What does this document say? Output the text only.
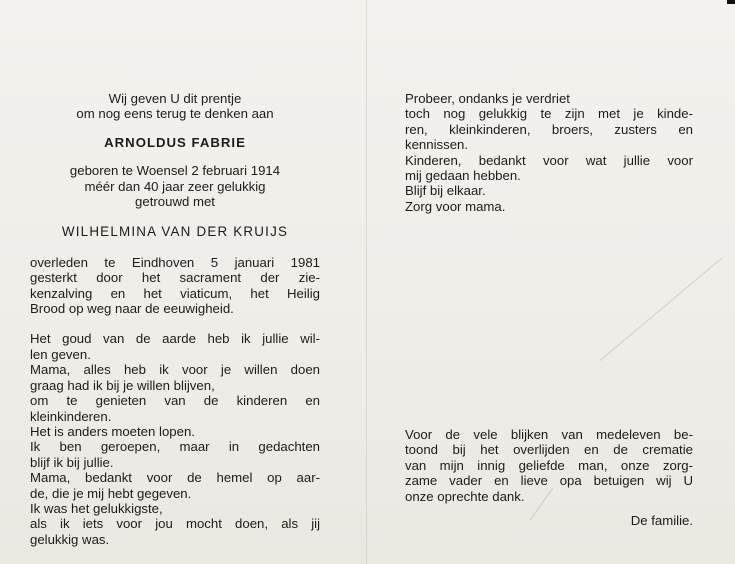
Wij geven U dit prentje
om nog eens terug te denken aan
ARNOLDUS FABRIE
geboren te Woensel 2 februari 1914
méér dan 40 jaar zeer gelukkig
getrouwd met
WILHELMINA VAN DER KRUIJS
overleden te Eindhoven 5 januari 1981
gesterkt door het sacrament der zie-
kenzalving en het viaticum, het Heilig
Brood op weg naar de eeuwigheid.
Het goud van de aarde heb ik jullie wil-
len geven.
Mama, alles heb ik voor je willen doen
graag had ik bij je willen blijven,
om te genieten van de kinderen en
kleinkinderen.
Het is anders moeten lopen.
Ik ben geroepen, maar in gedachten
blijf ik bij jullie.
Mama, bedankt voor de hemel op aar-
de, die je mij hebt gegeven.
Ik was het gelukkigste,
als ik iets voor jou mocht doen, als jij
gelukkig was.
Probeer, ondanks je verdriet
toch nog gelukkig te zijn met je kinde-
ren, kleinkinderen, broers, zusters en
kennissen.
Kinderen, bedankt voor wat jullie voor
mij gedaan hebben.
Blijf bij elkaar.
Zorg voor mama.
Voor de vele blijken van medeleven be-
toond bij het overlijden en de crematie
van mijn innig geliefde man, onze zorg-
zame vader en lieve opa betuigen wij U
onze oprechte dank.
De familie.
